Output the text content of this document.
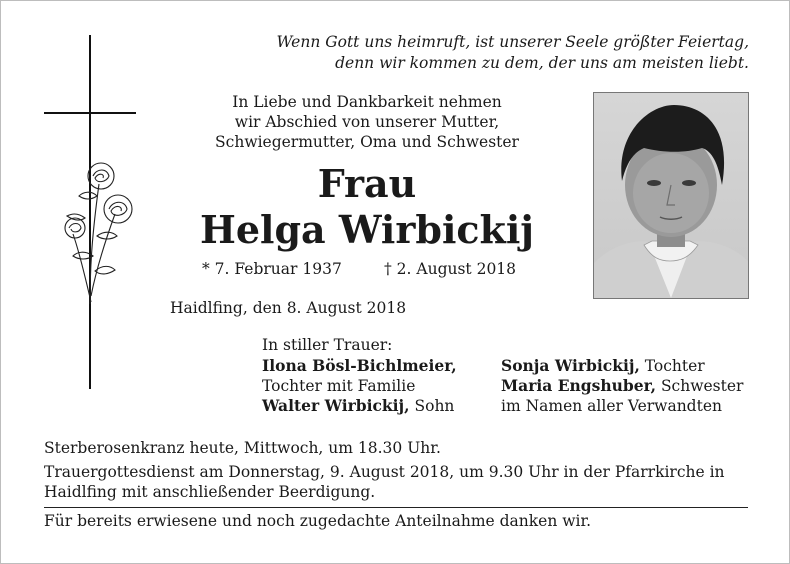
Wenn Gott uns heimruft, ist unserer Seele größter Feiertag,
denn wir kommen zu dem, der uns am meisten liebt.
In Liebe und Dankbarkeit nehmen
wir Abschied von unserer Mutter,
Schwiegermutter, Oma und Schwester
Frau
Helga Wirbickij
* 7. Februar 1937	† 2. August 2018
Haidlfing, den 8. August 2018
In stiller Trauer:
Ilona Bösl-Bichlmeier,
Tochter mit Familie
Walter Wirbickij, Sohn
Sonja Wirbickij, Tochter
Maria Engshuber, Schwester
im Namen aller Verwandten

Sterberosenkranz heute, Mittwoch, um 18.30 Uhr.

Trauergottesdienst am Donnerstag, 9. August 2018, um 9.30 Uhr in der Pfarrkirche in Haidlfing mit anschließender Beerdigung.

Für bereits erwiesene und noch zugedachte Anteilnahme danken wir.
